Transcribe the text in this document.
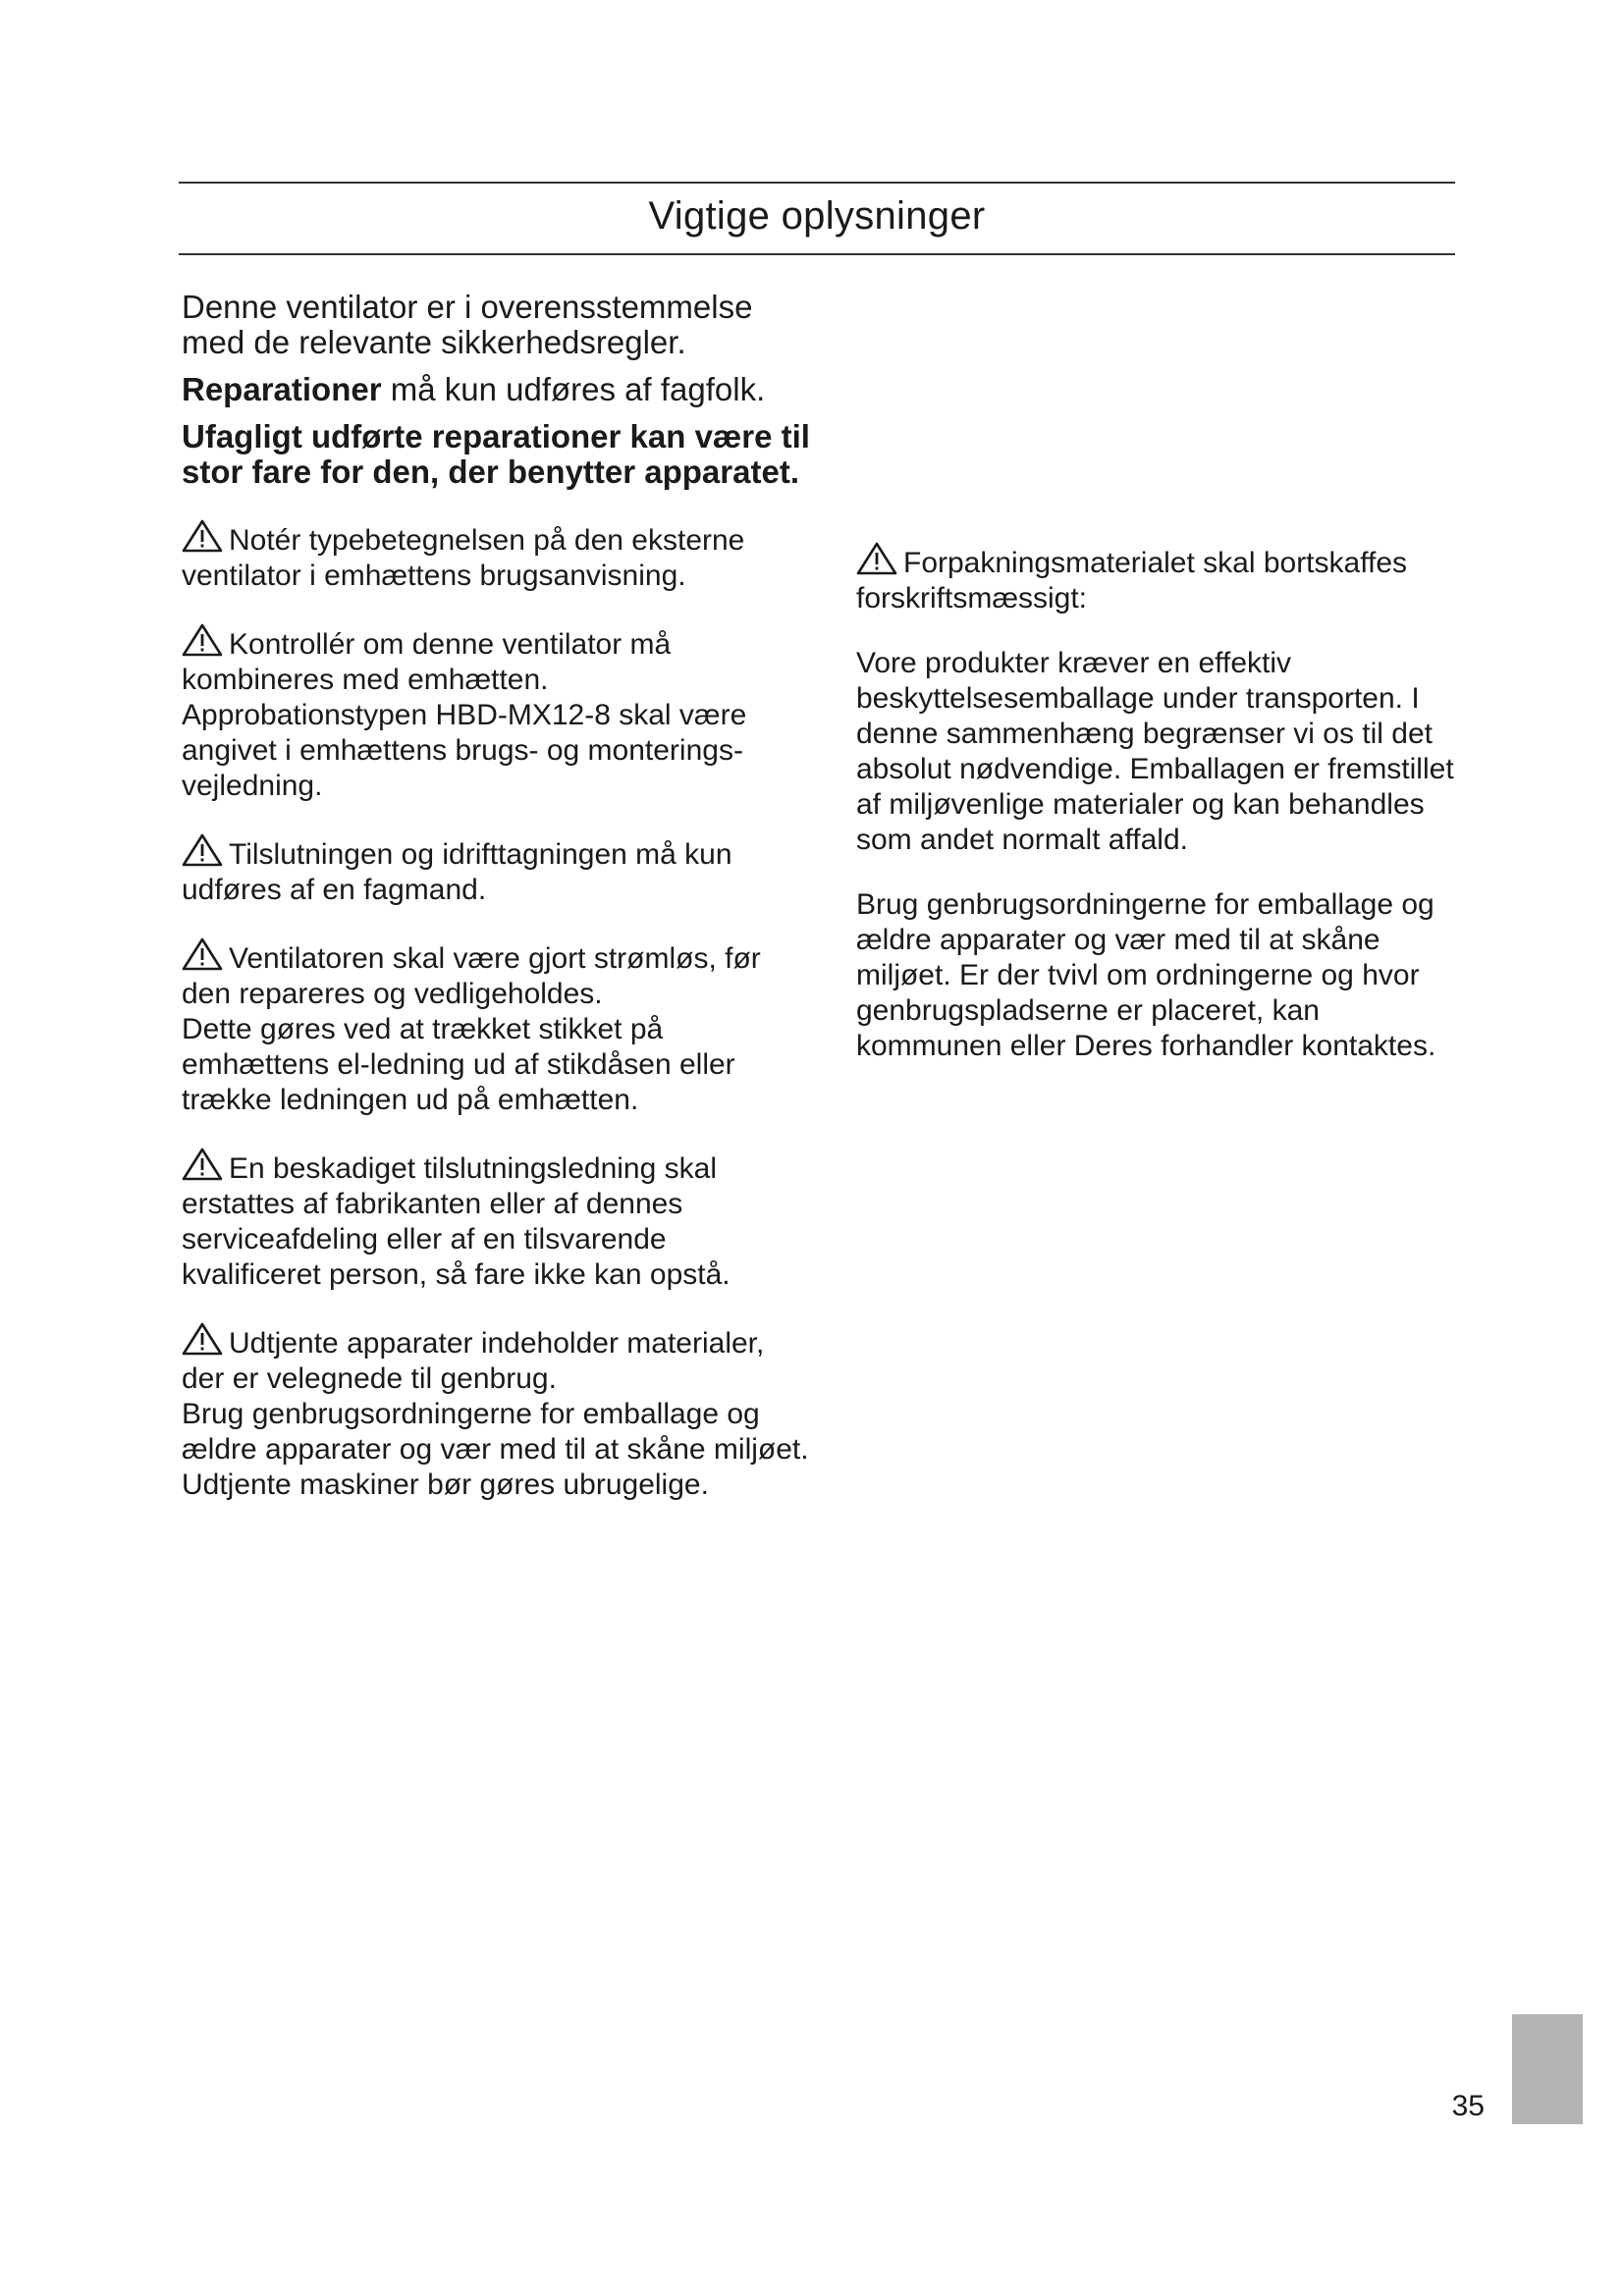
Vigtige oplysninger

Denne ventilator er i overensstemmelse med de relevante sikkerhedsregler.

Reparationer må kun udføres af fagfolk.

Ufagligt udførte reparationer kan være til stor fare for den, der benytter apparatet.

Notér typebetegnelsen på den eksterne ventilator i emhættens brugsanvisning.

Kontrollér om denne ventilator må kombineres med emhætten.
Approbationstypen HBD-MX12-8 skal være angivet i emhættens brugs- og monterings-vejledning.

Tilslutningen og idrifttagningen må kun udføres af en fagmand.

Ventilatoren skal være gjort strømløs, før den repareres og vedligeholdes.
Dette gøres ved at trækket stikket på emhættens el-ledning ud af stikdåsen eller trække ledningen ud på emhætten.

En beskadiget tilslutningsledning skal erstattes af fabrikanten eller af dennes serviceafdeling eller af en tilsvarende kvalificeret person, så fare ikke kan opstå.

Udtjente apparater indeholder materialer, der er velegnede til genbrug.
Brug genbrugsordningerne for emballage og ældre apparater og vær med til at skåne miljøet.
Udtjente maskiner bør gøres ubrugelige.

Forpakningsmaterialet skal bortskaffes forskriftsmæssigt:

Vore produkter kræver en effektiv beskyttelsesemballage under transporten. I denne sammenhæng begrænser vi os til det absolut nødvendige. Emballagen er fremstillet af miljøvenlige materialer og kan behandles som andet normalt affald.

Brug genbrugsordningerne for emballage og ældre apparater og vær med til at skåne miljøet. Er der tvivl om ordningerne og hvor genbrugspladserne er placeret, kan kommunen eller Deres forhandler kontaktes.

35
